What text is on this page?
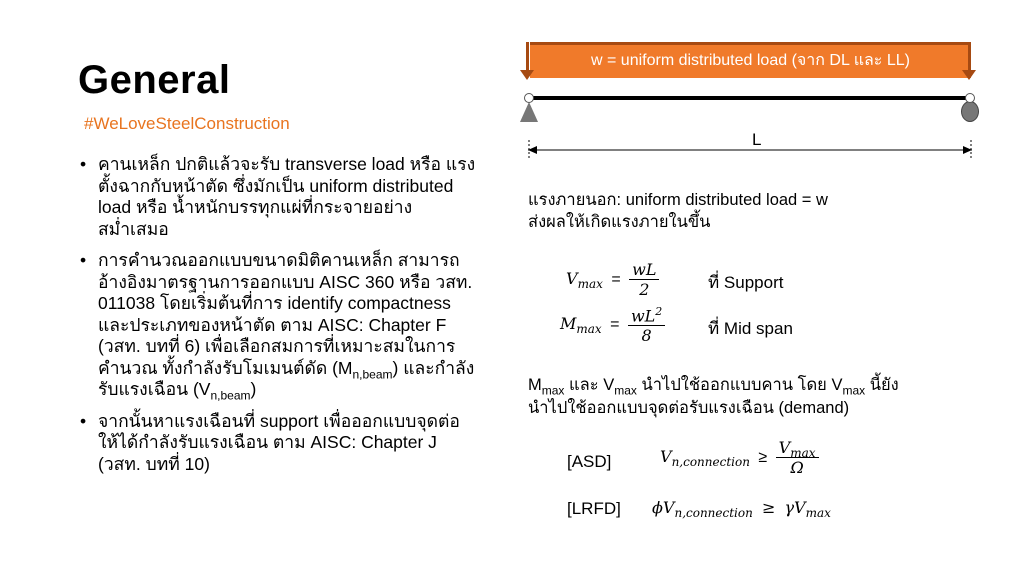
General
#WeLoveSteelConstruction
• คานเหล็ก ปกติแล้วจะรับ transverse load หรือ แรงตั้งฉากกับหน้าตัด ซึ่งมักเป็น uniform distributed load หรือ น้ำหนักบรรทุกแผ่ที่กระจายอย่างสม่ำเสมอ
• การคำนวณออกแบบขนาดมิติคานเหล็ก สามารถอ้างอิงมาตรฐานการออกแบบ AISC 360 หรือ วสท. 011038 โดยเริ่มต้นที่การ identify compactness และประเภทของหน้าตัด ตาม AISC: Chapter F (วสท. บทที่ 6) เพื่อเลือกสมการที่เหมาะสมในการคำนวณ ทั้งกำลังรับโมเมนต์ดัด $(M_{n,beam})$ และกำลังรับแรงเฉือน $(V_{n,beam})$
• จากนั้นหาแรงเฉือนที่ support เพื่อออกแบบจุดต่อ ให้ได้กำลังรับแรงเฉือน ตาม AISC: Chapter J (วสท. บทที่ 10)
w = uniform distributed load (จาก DL และ LL)
L
แรงภายนอก: uniform distributed load = w
ส่งผลให้เกิดแรงภายในขึ้น
$V_{max} = \frac{wL}{2}$	ที่ Support
$M_{max} = \frac{wL^2}{8}$	ที่ Mid span
$M_{max}$ และ $V_{max}$ นำไปใช้ออกแบบคาน โดย $V_{max}$ นี้ยัง
นำไปใช้ออกแบบจุดต่อรับแรงเฉือน (demand)
[ASD]	$V_{n,connection} \ge \frac{V_{max}}{\Omega}$
[LRFD] $\phi V_{n,connection} \ge \gamma V_{max}$
